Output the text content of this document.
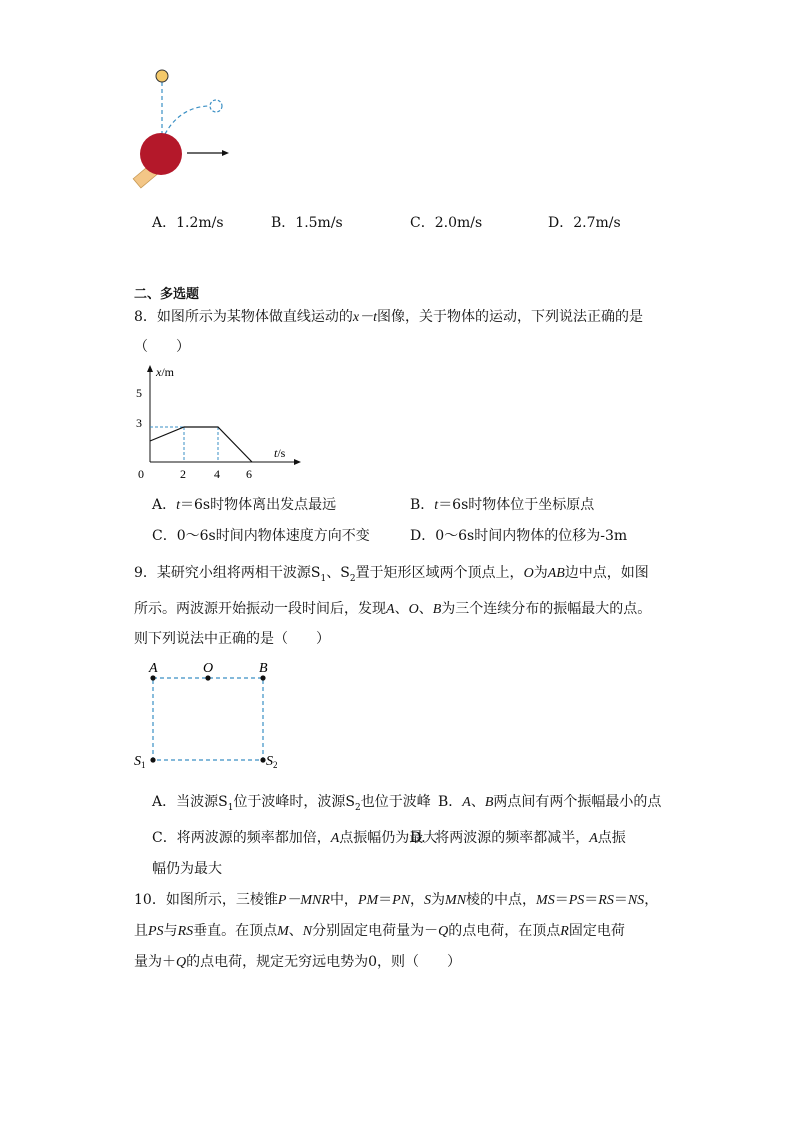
A．1.2m/s	B．1.5m/s	C．2.0m/s	D．2.7m/s
二、多选题
8．如图所示为某物体做直线运动的x－t图像，关于物体的运动，下列说法正确的是
（　　）
x/m
t/s
0
5
3
2 4 6
A．t＝6s时物体离出发点最远	B．t＝6s时物体位于坐标原点
C．0～6s时间内物体速度方向不变	D．0～6s时间内物体的位移为-3m
9．某研究小组将两相干波源$S_1$、$S_2$置于矩形区域两个顶点上，O为AB边中点，如图
所示。两波源开始振动一段时间后，发现A、O、B为三个连续分布的振幅最大的点。
则下列说法中正确的是（　　）
A	O	B
$S_1$	$S_2$
A．当波源$S_1$位于波峰时，波源$S_2$也位于波峰 B．A、B两点间有两个振幅最小的点
C．将两波源的频率都加倍，A点振幅仍为最大
D．将两波源的频率都减半，A点振
幅仍为最大
10．如图所示，三棱锥P－MNR中，PM＝PN，S为MN棱的中点，MS＝PS＝RS＝NS，
且PS与RS垂直。在顶点M、N分别固定电荷量为－Q的点电荷，在顶点R固定电荷
量为＋Q的点电荷，规定无穷远电势为0，则（　　）
